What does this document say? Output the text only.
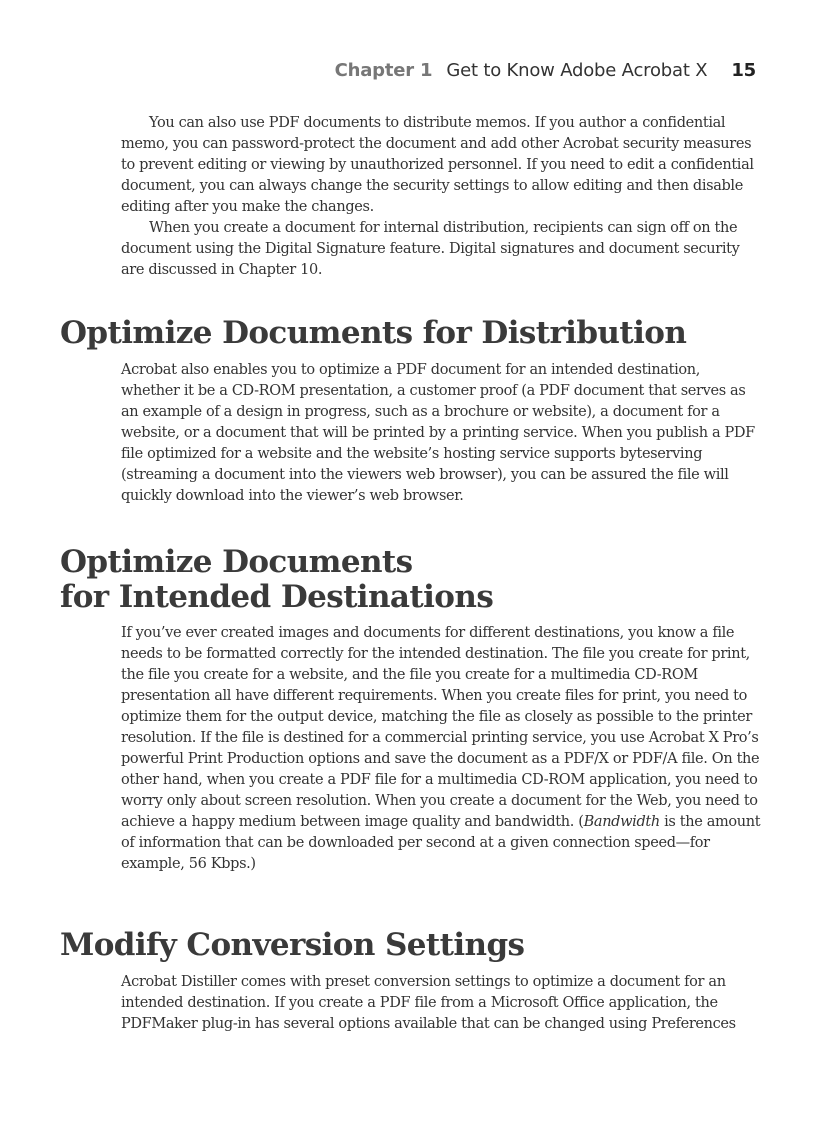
Chapter 1 Get to Know Adobe Acrobat X 15

You can also use PDF documents to distribute memos. If you author a confidential memo, you can password-protect the document and add other Acrobat security measures to prevent editing or viewing by unauthorized personnel. If you need to edit a confidential document, you can always change the security settings to allow editing and then disable editing after you make the changes.

When you create a document for internal distribution, recipients can sign off on the document using the Digital Signature feature. Digital signatures and document security are discussed in Chapter 10.

Optimize Documents for Distribution

Acrobat also enables you to optimize a PDF document for an intended destination, whether it be a CD-ROM presentation, a customer proof (a PDF document that serves as an example of a design in progress, such as a brochure or website), a document for a website, or a document that will be printed by a printing service. When you publish a PDF file optimized for a website and the website’s hosting service supports byteserving (streaming a document into the viewers web browser), you can be assured the file will quickly download into the viewer’s web browser.

Optimize Documents
for Intended Destinations

If you’ve ever created images and documents for different destinations, you know a file needs to be formatted correctly for the intended destination. The file you create for print, the file you create for a website, and the file you create for a multimedia CD-ROM presentation all have different requirements. When you create files for print, you need to optimize them for the output device, matching the file as closely as possible to the printer resolution. If the file is destined for a commercial printing service, you use Acrobat X Pro’s powerful Print Production options and save the document as a PDF/X or PDF/A file. On the other hand, when you create a PDF file for a multimedia CD-ROM application, you need to worry only about screen resolution. When you create a document for the Web, you need to achieve a happy medium between image quality and bandwidth. (Bandwidth is the amount of information that can be downloaded per second at a given connection speed—for example, 56 Kbps.)

Modify Conversion Settings

Acrobat Distiller comes with preset conversion settings to optimize a document for an intended destination. If you create a PDF file from a Microsoft Office application, the PDFMaker plug-in has several options available that can be changed using Preferences
